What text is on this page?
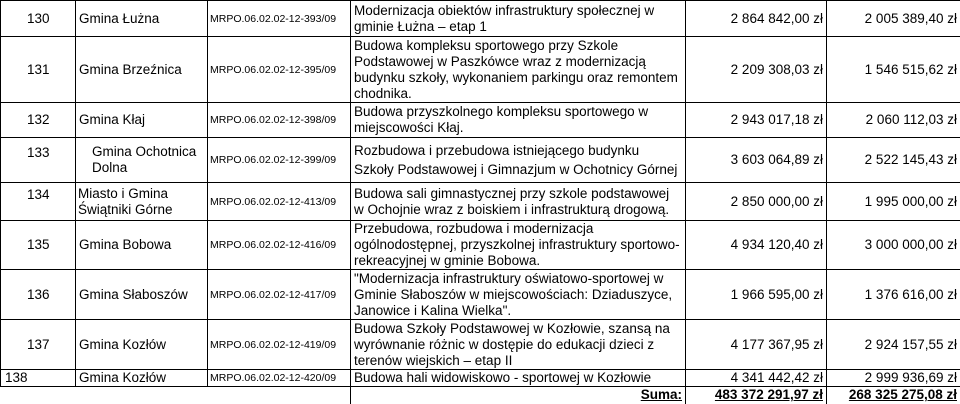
130	Gmina Łużna	MRPO.06.02.02-12-393/09	Modernizacja obiektów infrastruktury społecznej w gminie Łużna – etap 1	2 864 842,00 zł	2 005 389,40 zł
131	Gmina Brzeźnica	MRPO.06.02.02-12-395/09	Budowa kompleksu sportowego przy Szkole Podstawowej w Paszkówce wraz z modernizacją budynku szkoły, wykonaniem parkingu oraz remontem chodnika.	2 209 308,03 zł	1 546 515,62 zł
132	Gmina Kłaj	MRPO.06.02.02-12-398/09	Budowa przyszkolnego kompleksu sportowego w miejscowości Kłaj.	2 943 017,18 zł	2 060 112,03 zł
133	Gmina Ochotnica Dolna	MRPO.06.02.02-12-399/09	Rozbudowa i przebudowa istniejącego budynku Szkoły Podstawowej i Gimnazjum w Ochotnicy Górnej	3 603 064,89 zł	2 522 145,43 zł
134	Miasto i Gmina Świątniki Górne	MRPO.06.02.02-12-413/09	Budowa sali gimnastycznej przy szkole podstawowej w Ochojnie wraz z boiskiem i infrastrukturą drogową.	2 850 000,00 zł	1 995 000,00 zł
135	Gmina Bobowa	MRPO.06.02.02-12-416/09	Przebudowa, rozbudowa i modernizacja ogólnodostępnej, przyszkolnej infrastruktury sportowo-rekreacyjnej w gminie Bobowa.	4 934 120,40 zł	3 000 000,00 zł
136	Gmina Słaboszów	MRPO.06.02.02-12-417/09	"Modernizacja infrastruktury oświatowo-sportowej w Gminie Słaboszów w miejscowościach: Dziaduszyce, Janowice i Kalina Wielka".	1 966 595,00 zł	1 376 616,00 zł
137	Gmina Kozłów	MRPO.06.02.02-12-419/09	Budowa Szkoły Podstawowej w Kozłowie, szansą na wyrównanie różnic w dostępie do edukacji dzieci z terenów wiejskich – etap II	4 177 367,95 zł	2 924 157,55 zł
138	Gmina Kozłów	MRPO.06.02.02-12-420/09	Budowa hali widowiskowo - sportowej w Kozłowie	4 341 442,42 zł	2 999 936,69 zł
			Suma:	483 372 291,97 zł	268 325 275,08 zł
